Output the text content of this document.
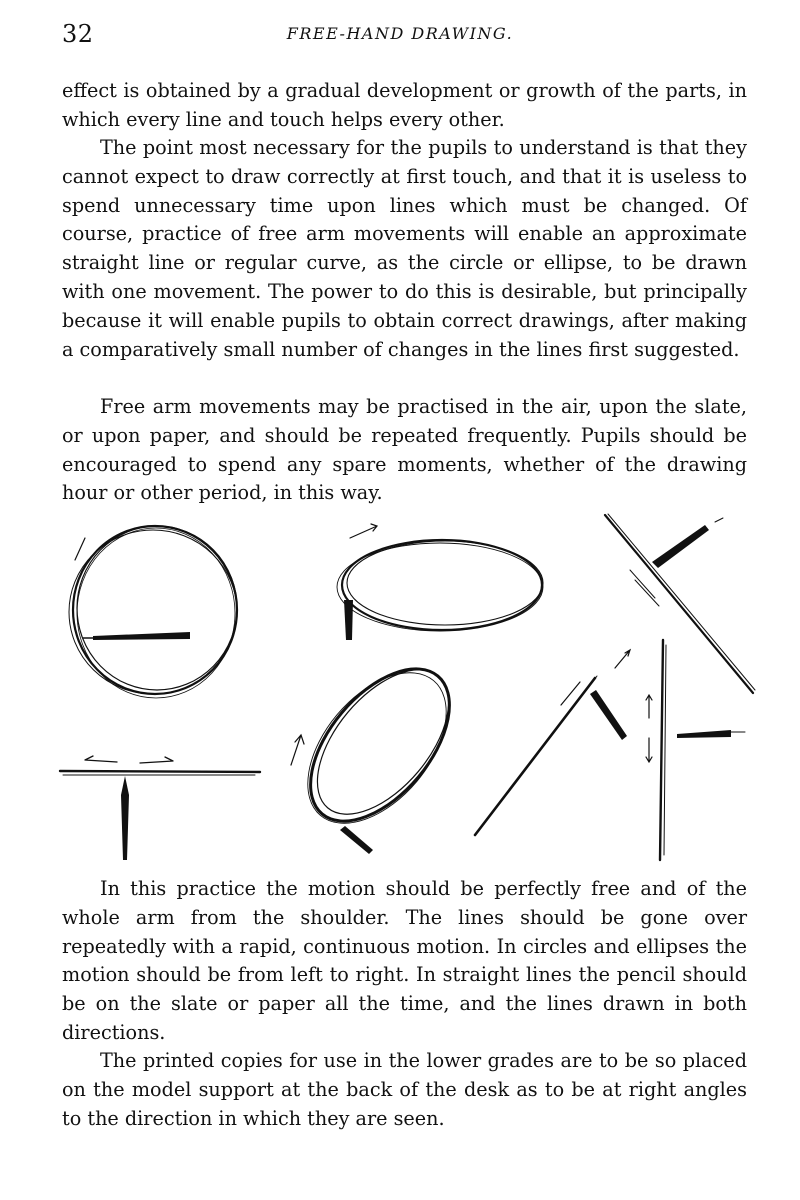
32	FREE-HAND DRAWING.

effect is obtained by a gradual development or growth of the parts, in which every line and touch helps every other.

The point most necessary for the pupils to understand is that they cannot expect to draw correctly at first touch, and that it is useless to spend unnecessary time upon lines which must be changed. Of course, practice of free arm movements will enable an approximate straight line or regular curve, as the circle or ellipse, to be drawn with one movement. The power to do this is desirable, but principally because it will enable pupils to obtain correct drawings, after making a comparatively small number of changes in the lines first suggested.

Free arm movements may be practised in the air, upon the slate, or upon paper, and should be repeated frequently. Pupils should be encouraged to spend any spare moments, whether of the drawing hour or other period, in this way.

In this practice the motion should be perfectly free and of the whole arm from the shoulder. The lines should be gone over repeatedly with a rapid, continuous motion. In circles and ellipses the motion should be from left to right. In straight lines the pencil should be on the slate or paper all the time, and the lines drawn in both directions.

The printed copies for use in the lower grades are to be so placed on the model support at the back of the desk as to be at right angles to the direction in which they are seen.
